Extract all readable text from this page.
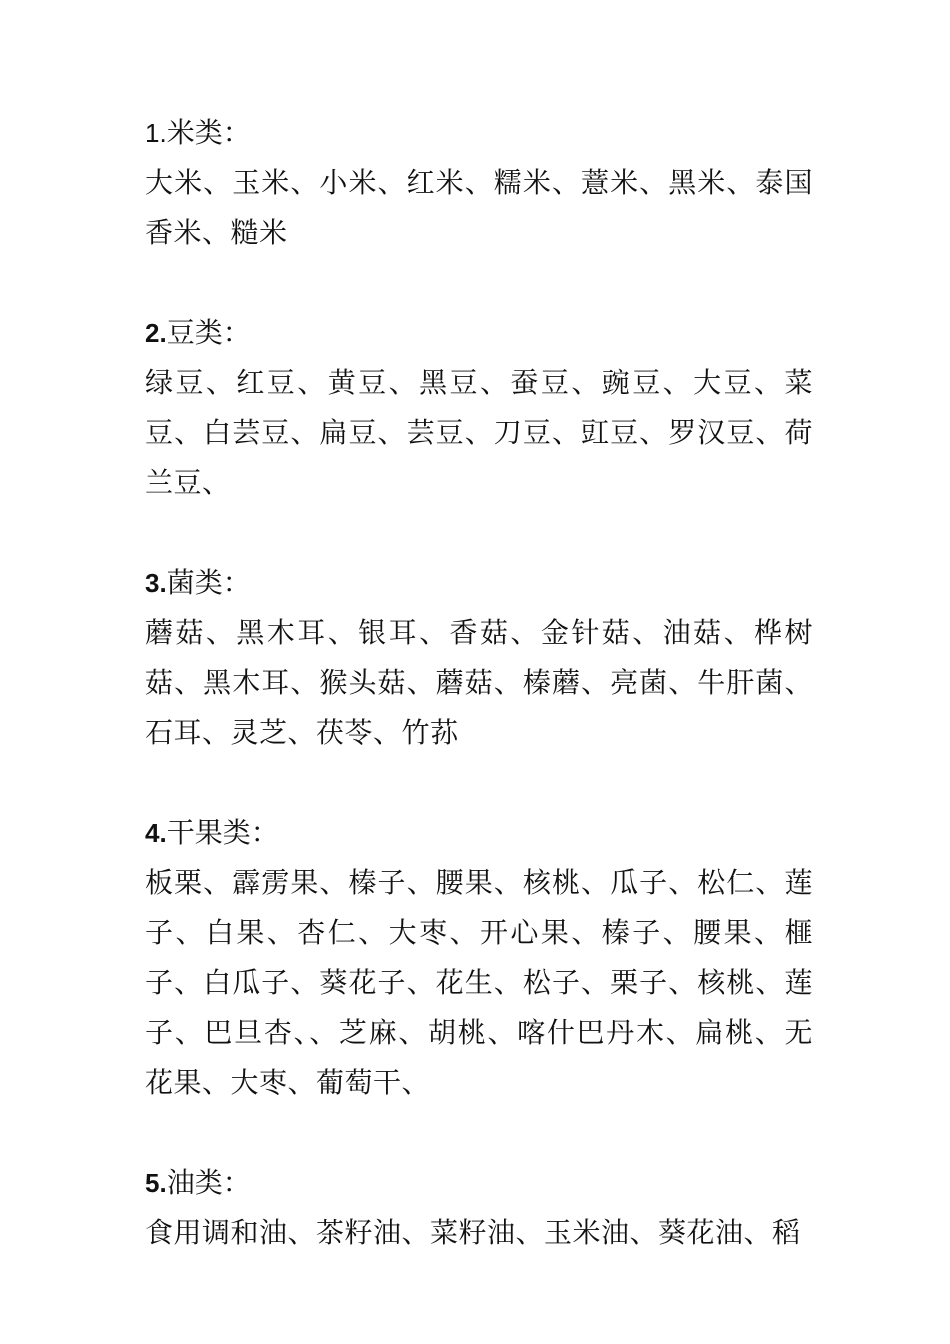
1.米类：
大米、玉米、小米、红米、糯米、薏米、黑米、泰国香米、糙米
2.豆类：
绿豆、红豆、黄豆、黑豆、蚕豆、豌豆、大豆、菜豆、白芸豆、扁豆、芸豆、刀豆、豇豆、罗汉豆、荷兰豆、
3.菌类：
蘑菇、黑木耳、银耳、香菇、金针菇、油菇、桦树菇、黑木耳、猴头菇、蘑菇、榛蘑、亮菌、牛肝菌、石耳、灵芝、茯苓、竹荪
4.干果类：
板栗、霹雳果、榛子、腰果、核桃、瓜子、松仁、莲子、白果、杏仁、大枣、开心果、榛子、腰果、榧子、白瓜子、葵花子、花生、松子、栗子、核桃、莲子、巴旦杏、、芝麻、胡桃、喀什巴丹木、扁桃、无花果、大枣、葡萄干、
5.油类：
食用调和油、茶籽油、菜籽油、玉米油、葵花油、稻
